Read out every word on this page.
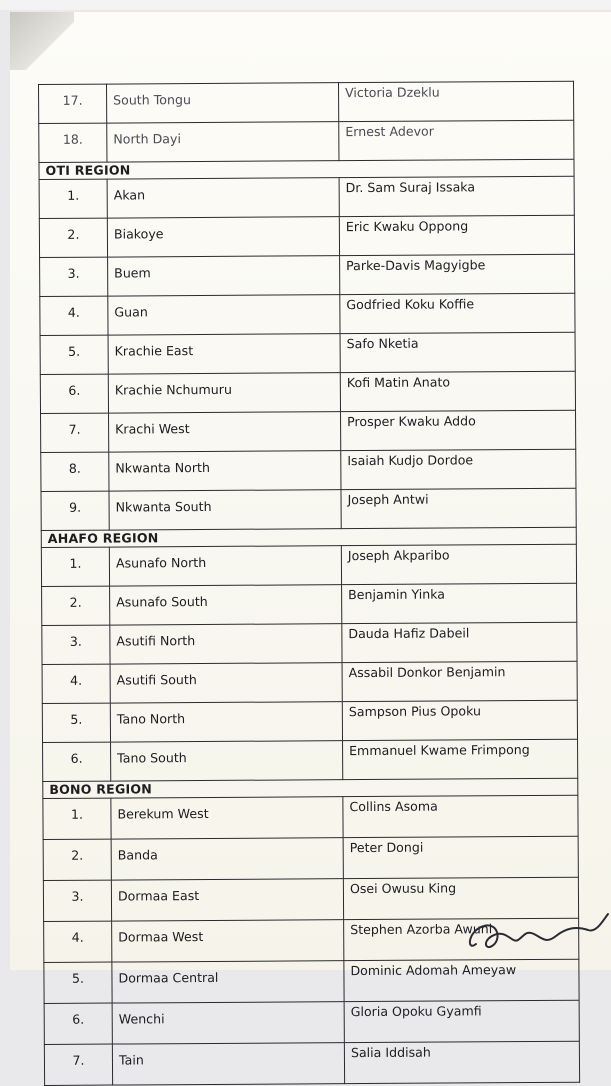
17.	South Tongu	Victoria Dzeklu
18.	North Dayi	Ernest Adevor
OTI REGION		
1.	Akan	Dr. Sam Suraj Issaka
2.	Biakoye	Eric Kwaku Oppong
3.	Buem	Parke-Davis Magyigbe
4.	Guan	Godfried Koku Koffie
5.	Krachie East	Safo Nketia
6.	Krachie Nchumuru	Kofi Matin Anato
7.	Krachi West	Prosper Kwaku Addo
8.	Nkwanta North	Isaiah Kudjo Dordoe
9.	Nkwanta South	Joseph Antwi
AHAFO REGION		
1.	Asunafo North	Joseph Akparibo
2.	Asunafo South	Benjamin Yinka
3.	Asutifi North	Dauda Hafiz Dabeil
4.	Asutifi South	Assabil Donkor Benjamin
5.	Tano North	Sampson Pius Opoku
6.	Tano South	Emmanuel Kwame Frimpong
BONO REGION		
1.	Berekum West	Collins Asoma
2.	Banda	Peter Dongi
3.	Dormaa East	Osei Owusu King
4.	Dormaa West	Stephen Azorba Awuni
5.	Dormaa Central	Dominic Adomah Ameyaw
6.	Wenchi	Gloria Opoku Gyamfi
7.	Tain	Salia Iddisah
